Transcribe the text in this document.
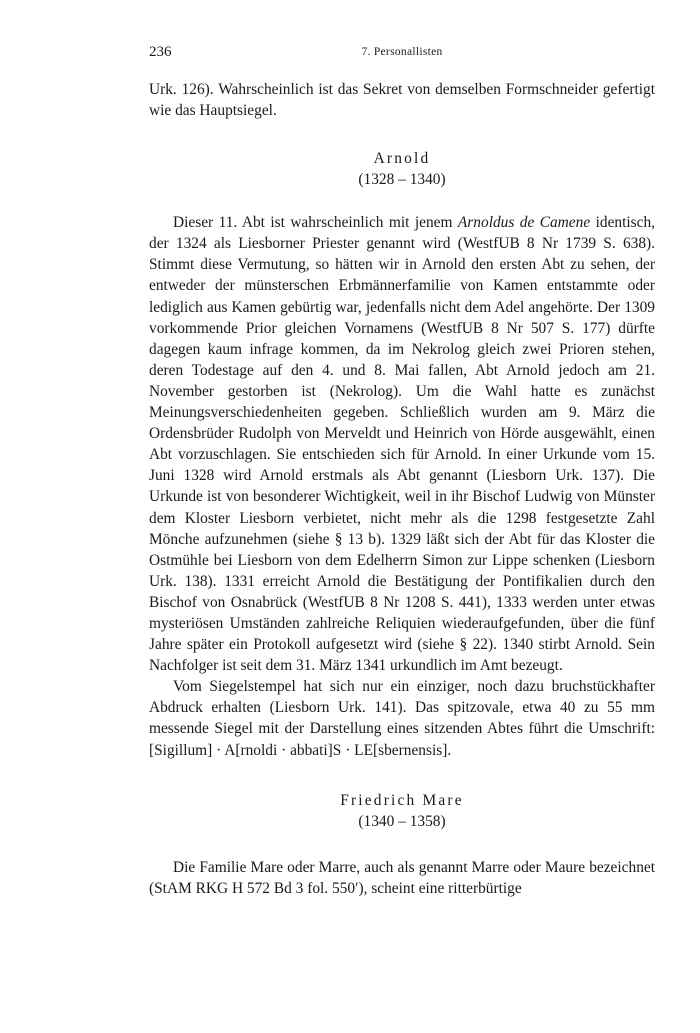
236	7. Personallisten

Urk. 126). Wahrscheinlich ist das Sekret von demselben Formschneider gefertigt wie das Hauptsiegel.

Arnold
(1328 – 1340)

Dieser 11. Abt ist wahrscheinlich mit jenem Arnoldus de Camene identisch, der 1324 als Liesborner Priester genannt wird (WestfUB 8 Nr 1739 S. 638). Stimmt diese Vermutung, so hätten wir in Arnold den ersten Abt zu sehen, der entweder der münsterschen Erbmännerfamilie von Kamen entstammte oder lediglich aus Kamen gebürtig war, jedenfalls nicht dem Adel angehörte. Der 1309 vorkommende Prior gleichen Vornamens (WestfUB 8 Nr 507 S. 177) dürfte dagegen kaum infrage kommen, da im Nekrolog gleich zwei Prioren stehen, deren Todestage auf den 4. und 8. Mai fallen, Abt Arnold jedoch am 21. November gestorben ist (Nekrolog). Um die Wahl hatte es zunächst Meinungsverschiedenheiten gegeben. Schließlich wurden am 9. März die Ordensbrüder Rudolph von Merveldt und Heinrich von Hörde ausgewählt, einen Abt vorzuschlagen. Sie entschieden sich für Arnold. In einer Urkunde vom 15. Juni 1328 wird Arnold erstmals als Abt genannt (Liesborn Urk. 137). Die Urkunde ist von besonderer Wichtigkeit, weil in ihr Bischof Ludwig von Münster dem Kloster Liesborn verbietet, nicht mehr als die 1298 festgesetzte Zahl Mönche aufzunehmen (siehe § 13 b). 1329 läßt sich der Abt für das Kloster die Ostmühle bei Liesborn von dem Edelherrn Simon zur Lippe schenken (Liesborn Urk. 138). 1331 erreicht Arnold die Bestätigung der Pontifikalien durch den Bischof von Osnabrück (WestfUB 8 Nr 1208 S. 441), 1333 werden unter etwas mysteriösen Umständen zahlreiche Reliquien wiederaufgefunden, über die fünf Jahre später ein Protokoll aufgesetzt wird (siehe § 22). 1340 stirbt Arnold. Sein Nachfolger ist seit dem 31. März 1341 urkundlich im Amt bezeugt.

Vom Siegelstempel hat sich nur ein einziger, noch dazu bruchstückhafter Abdruck erhalten (Liesborn Urk. 141). Das spitzovale, etwa 40 zu 55 mm messende Siegel mit der Darstellung eines sitzenden Abtes führt die Umschrift: [Sigillum] · A[rnoldi · abbati]S · LE[sbernensis].

Friedrich Mare
(1340 – 1358)

Die Familie Mare oder Marre, auch als genannt Marre oder Maure bezeichnet (StAM RKG H 572 Bd 3 fol. 550′), scheint eine ritterbürtige
